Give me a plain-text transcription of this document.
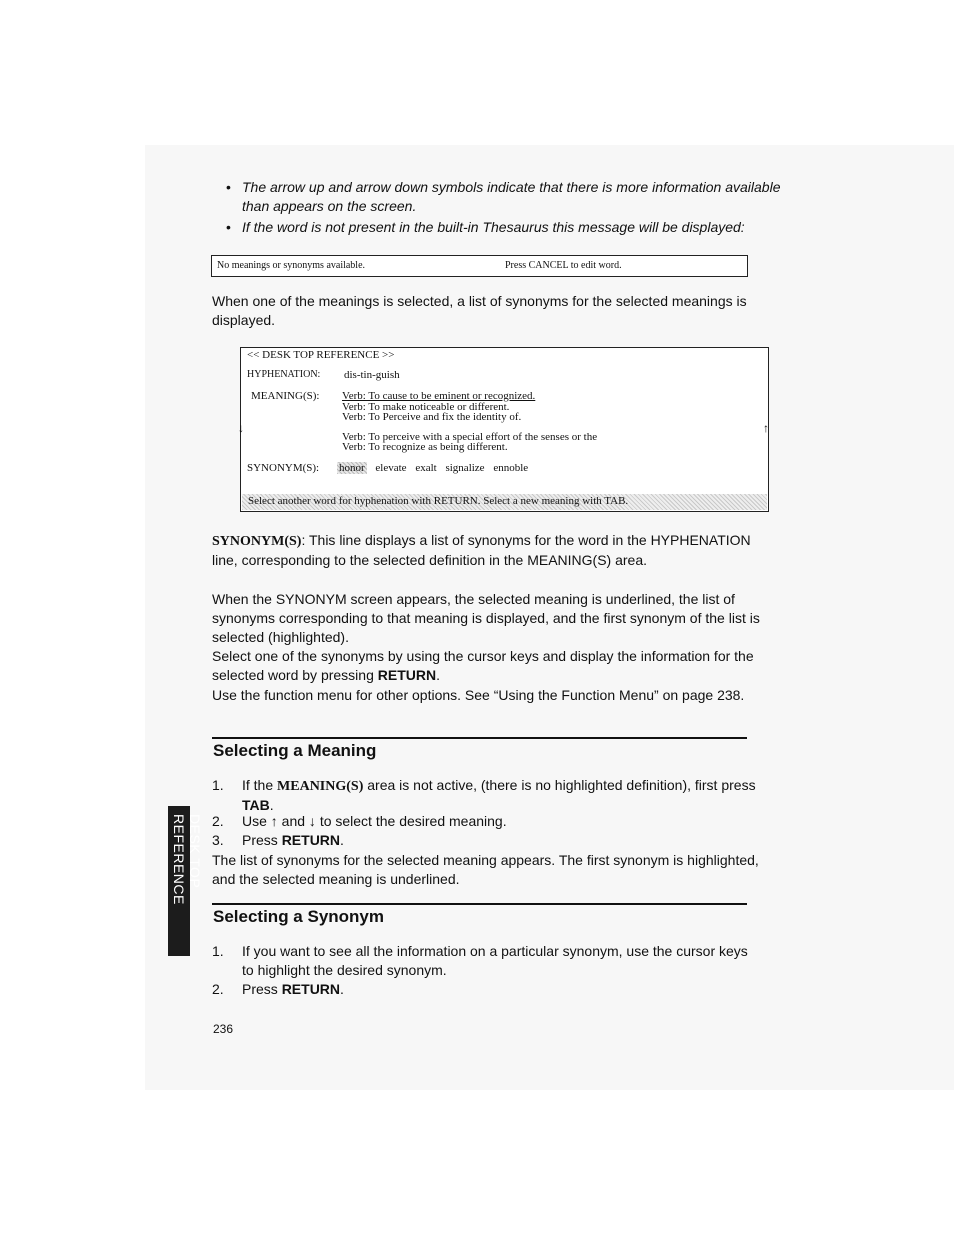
• The arrow up and arrow down symbols indicate that there is more information available than appears on the screen.
• If the word is not present in the built-in Thesaurus this message will be displayed:
No meanings or synonyms available.	Press CANCEL to edit word.
When one of the meanings is selected, a list of synonyms for the selected meanings is displayed.
<< DESK TOP REFERENCE >>
HYPHENATION: dis-tin-guish
MEANING(S): Verb: To cause to be eminent or recognized.
Verb: To make noticeable or different.
Verb: To Perceive and fix the identity of.
Verb: To perceive with a special effort of the senses or the
Verb: To recognize as being different.
↓	↑
SYNONYM(S): honor elevate exalt signalize ennoble
Select another word for hyphenation with RETURN. Select a new meaning with TAB.
SYNONYM(S): This line displays a list of synonyms for the word in the HYPHENATION line, corresponding to the selected definition in the MEANING(S) area.
When the SYNONYM screen appears, the selected meaning is underlined, the list of synonyms corresponding to that meaning is displayed, and the first synonym of the list is selected (highlighted).
Select one of the synonyms by using the cursor keys and display the information for the selected word by pressing RETURN.
Use the function menu for other options. See “Using the Function Menu” on page 238.
Selecting a Meaning
1. If the MEANING(S) area is not active, (there is no highlighted definition), first press TAB.
2. Use ↑ and ↓ to select the desired meaning.
3. Press RETURN.
The list of synonyms for the selected meaning appears. The first synonym is highlighted, and the selected meaning is underlined.
Selecting a Synonym
1. If you want to see all the information on a particular synonym, use the cursor keys to highlight the desired synonym.
2. Press RETURN.
DESK TOP REFERENCE
236
